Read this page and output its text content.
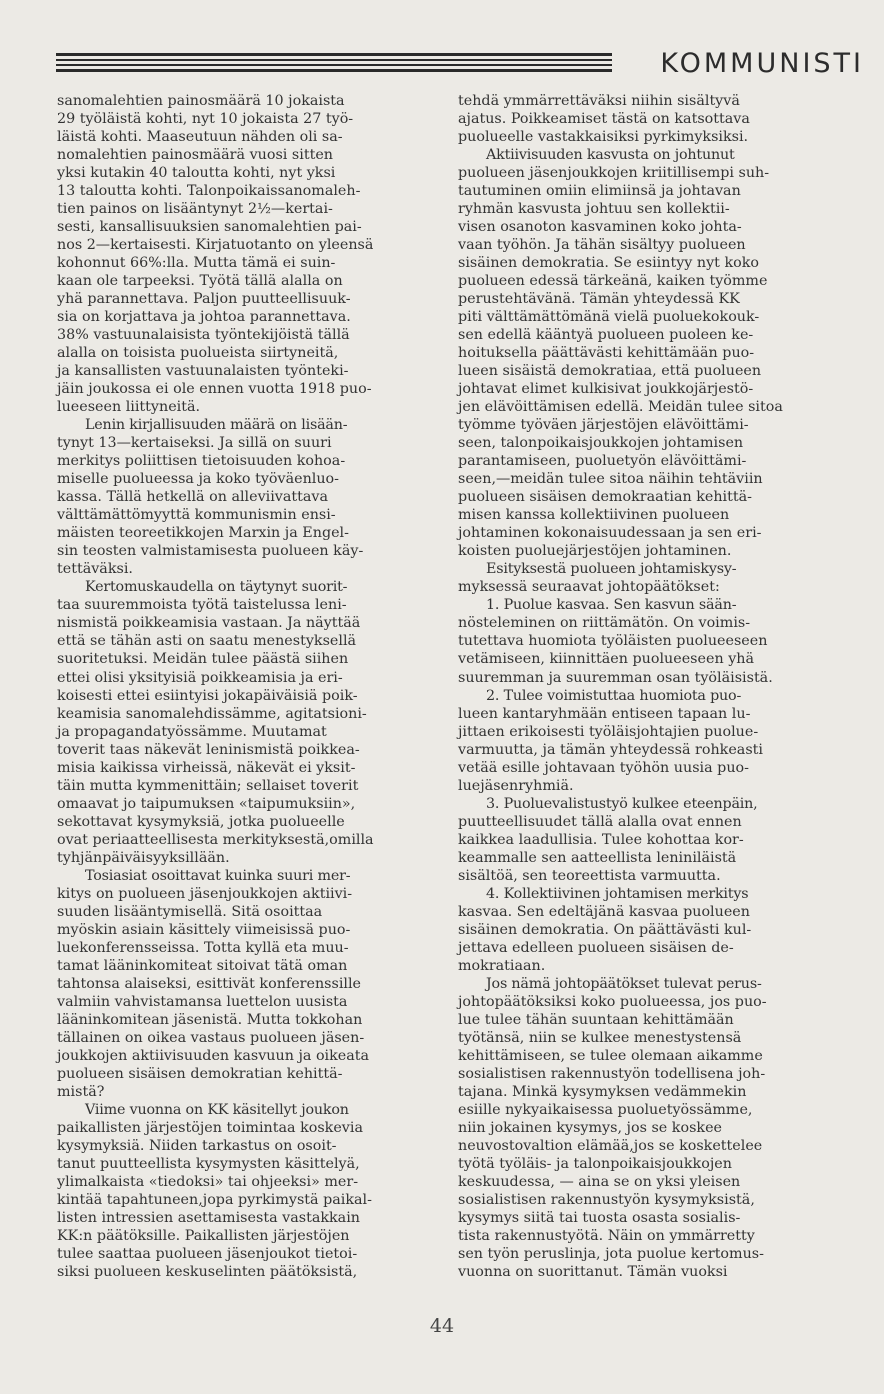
KOMMUNISTI
sanomalehtien painosmäärä 10 jokaista
29 työläistä kohti, nyt 10 jokaista 27 työ-
läistä kohti. Maaseutuun nähden oli sa-
nomalehtien painosmäärä vuosi sitten
yksi kutakin 40 taloutta kohti, nyt yksi
13 taloutta kohti. Talonpoikaissanomaleh-
tien painos on lisääntynyt 2½—kertai-
sesti, kansallisuuksien sanomalehtien pai-
nos 2—kertaisesti. Kirjatuotanto on yleensä
kohonnut 66%:lla. Mutta tämä ei suin-
kaan ole tarpeeksi. Työtä tällä alalla on
yhä parannettava. Paljon puutteellisuuk-
sia on korjattava ja johtoa parannettava.
38% vastuunalaisista työntekijöistä tällä
alalla on toisista puolueista siirtyneitä,
ja kansallisten vastuunalaisten työnteki-
jäin joukossa ei ole ennen vuotta 1918 puo-
lueeseen liittyneitä.
Lenin kirjallisuuden määrä on lisään-
tynyt 13—kertaiseksi. Ja sillä on suuri
merkitys poliittisen tietoisuuden kohoa-
miselle puolueessa ja koko työväenluo-
kassa. Tällä hetkellä on alleviivattava
välttämättömyyttä kommunismin ensi-
mäisten teoreetikkojen Marxin ja Engel-
sin teosten valmistamisesta puolueen käy-
tettäväksi.
Kertomuskaudella on täytynyt suorit-
taa suuremmoista työtä taistelussa leni-
nismistä poikkeamisia vastaan. Ja näyttää
että se tähän asti on saatu menestyksellä
suoritetuksi. Meidän tulee päästä siihen
ettei olisi yksityisiä poikkeamisia ja eri-
koisesti ettei esiintyisi jokapäiväisiä poik-
keamisia sanomalehdissämme, agitatsioni-
ja propagandatyössämme. Muutamat
toverit taas näkevät leninismistä poikkea-
misia kaikissa virheissä, näkevät ei yksit-
täin mutta kymmenittäin; sellaiset toverit
omaavat jo taipumuksen «taipumuksiin»,
sekottavat kysymyksiä, jotka puolueelle
ovat periaatteellisesta merkityksestä,omilla
tyhjänpäiväisyyksillään.
Tosiasiat osoittavat kuinka suuri mer-
kitys on puolueen jäsenjoukkojen aktiivi-
suuden lisääntymisellä. Sitä osoittaa
myöskin asiain käsittely viimeisissä puo-
luekonferensseissa. Totta kyllä eta muu-
tamat lääninkomiteat sitoivat tätä oman
tahtonsa alaiseksi, esittivät konferenssille
valmiin vahvistamansa luettelon uusista
lääninkomitean jäsenistä. Mutta tokkohan
tällainen on oikea vastaus puolueen jäsen-
joukkojen aktiivisuuden kasvuun ja oikeata
puolueen sisäisen demokratian kehittä-
mistä?
Viime vuonna on KK käsitellyt joukon
paikallisten järjestöjen toimintaa koskevia
kysymyksiä. Niiden tarkastus on osoit-
tanut puutteellista kysymysten käsittelyä,
ylimalkaista «tiedoksi» tai ohjeeksi» mer-
kintää tapahtuneen,jopa pyrkimystä paikal-
listen intressien asettamisesta vastakkain
KK:n päätöksille. Paikallisten järjestöjen
tulee saattaa puolueen jäsenjoukot tietoi-
siksi puolueen keskuselinten päätöksistä,
tehdä ymmärrettäväksi niihin sisältyvä
ajatus. Poikkeamiset tästä on katsottava
puolueelle vastakkaisiksi pyrkimyksiksi.
Aktiivisuuden kasvusta on johtunut
puolueen jäsenjoukkojen kriitillisempi suh-
tautuminen omiin elimiinsä ja johtavan
ryhmän kasvusta johtuu sen kollektii-
visen osanoton kasvaminen koko johta-
vaan työhön. Ja tähän sisältyy puolueen
sisäinen demokratia. Se esiintyy nyt koko
puolueen edessä tärkeänä, kaiken työmme
perustehtävänä. Tämän yhteydessä KK
piti välttämättömänä vielä puoluekokouk-
sen edellä kääntyä puolueen puoleen ke-
hoituksella päättävästi kehittämään puo-
lueen sisäistä demokratiaa, että puolueen
johtavat elimet kulkisivat joukkojärjestö-
jen elävöittämisen edellä. Meidän tulee sitoa
työmme työväen järjestöjen elävöittämi-
seen, talonpoikaisjoukkojen johtamisen
parantamiseen, puoluetyön elävöittämi-
seen,—meidän tulee sitoa näihin tehtäviin
puolueen sisäisen demokraatian kehittä-
misen kanssa kollektiivinen puolueen
johtaminen kokonaisuudessaan ja sen eri-
koisten puoluejärjestöjen johtaminen.
Esityksestä puolueen johtamiskysy-
myksessä seuraavat johtopäätökset:
1. Puolue kasvaa. Sen kasvun sään-
nöstelеminen on riittämätön. On voimis-
tutettava huomiota työläisten puolueeseen
vetämiseen, kiinnittäen puolueeseen yhä
suuremman ja suuremman osan työläisistä.
2. Tulee voimistuttaa huomiota puo-
lueen kantaryhmään entiseen tapaan lu-
jittaen erikoisesti työläisjohtajien puolue-
varmuutta, ja tämän yhteydessä rohkeasti
vetää esille johtavaan työhön uusia puo-
luejäsenryhmiä.
3. Puoluevalistustyö kulkee eteenpäin,
puutteellisuudet tällä alalla ovat ennen
kaikkea laadullisia. Tulee kohottaa kor-
keammalle sen aatteellista leniniläistä
sisältöä, sen teoreettista varmuutta.
4. Kollektiivinen johtamisen merkitys
kasvaa. Sen edeltäjänä kasvaa puolueen
sisäinen demokratia. On päättävästi kul-
jettava edelleen puolueen sisäisen de-
mokratiaan.
Jos nämä johtopäätökset tulevat perus-
johtopäätöksiksi koko puolueessa, jos puo-
lue tulee tähän suuntaan kehittämään
työtänsä, niin se kulkee menestystensä
kehittämiseen, se tulee olemaan aikamme
sosialistisen rakennustyön todellisena joh-
tajana. Minkä kysymyksen vedämmekin
esiille nykyaikaisessa puoluetyössämme,
niin jokainen kysymys, jos se koskee
neuvostovaltion elämää,jos se koskettelee
työtä työläis- ja talonpoikaisjoukkojen
keskuudessa, — aina se on yksi yleisen
sosialistisen rakennustyön kysymyksistä,
kysymys siitä tai tuosta osasta sosialis-
tista rakennustyötä. Näin on ymmärretty
sen työn peruslinja, jota puolue kertomus-
vuonna on suorittanut. Tämän vuoksi
44
